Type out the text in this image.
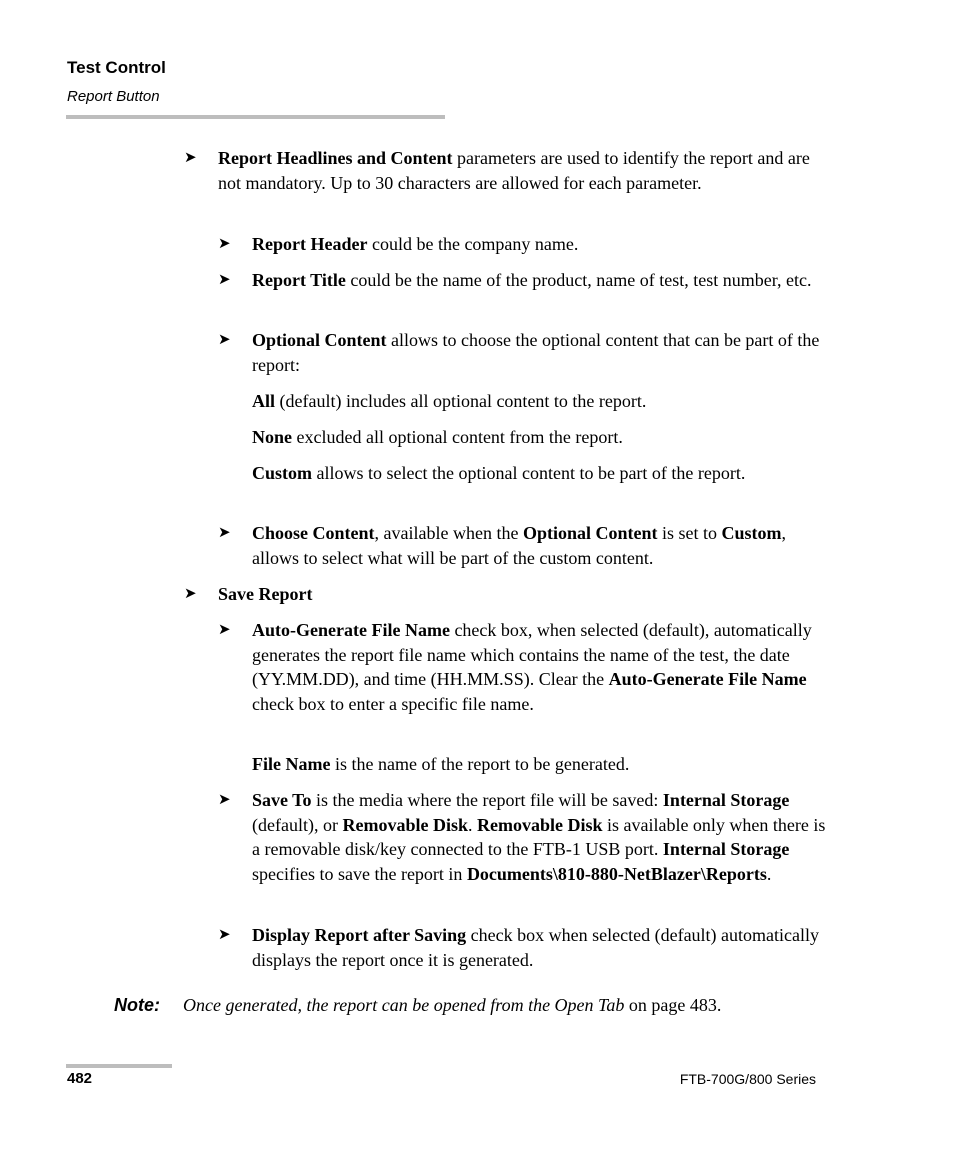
Test Control
Report Button
➤ Report Headlines and Content parameters are used to identify the report and are not mandatory. Up to 30 characters are allowed for each parameter.
➤ Report Header could be the company name.
➤ Report Title could be the name of the product, name of test, test number, etc.
➤ Optional Content allows to choose the optional content that can be part of the report:
All (default) includes all optional content to the report.
None excluded all optional content from the report.
Custom allows to select the optional content to be part of the report.
➤ Choose Content, available when the Optional Content is set to Custom, allows to select what will be part of the custom content.
➤ Save Report
➤ Auto-Generate File Name check box, when selected (default), automatically generates the report file name which contains the name of the test, the date (YY.MM.DD), and time (HH.MM.SS). Clear the Auto-Generate File Name check box to enter a specific file name.
File Name is the name of the report to be generated.
➤ Save To is the media where the report file will be saved: Internal Storage (default), or Removable Disk. Removable Disk is available only when there is a removable disk/key connected to the FTB-1 USB port. Internal Storage specifies to save the report in Documents\810-880-NetBlazer\Reports.
➤ Display Report after Saving check box when selected (default) automatically displays the report once it is generated.
Note: Once generated, the report can be opened from the Open Tab on page 483.
482	FTB-700G/800 Series
